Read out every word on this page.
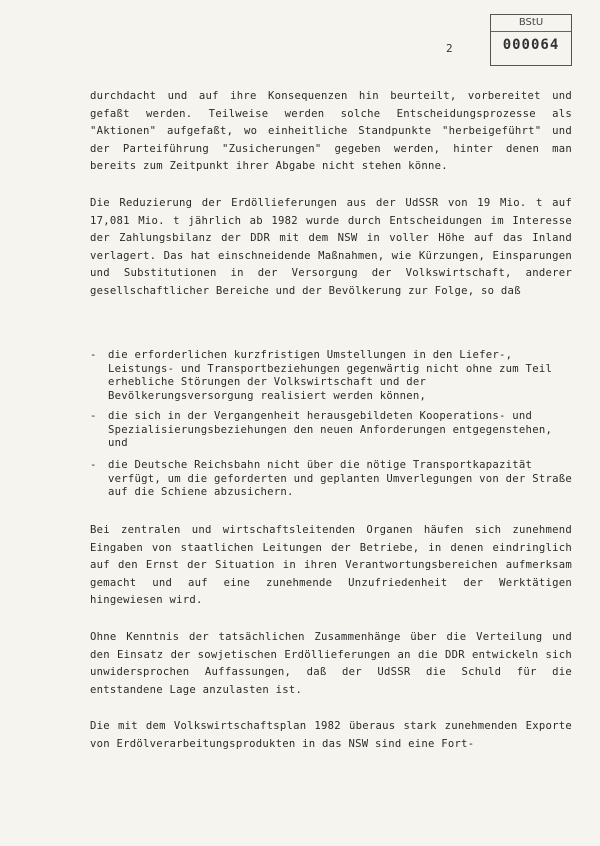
2
BStU
000064
durchdacht und auf ihre Konsequenzen hin beurteilt, vorbereitet und gefaßt werden. Teilweise werden solche Entscheidungsprozesse als "Aktionen" aufgefaßt, wo einheitliche Standpunkte "herbeigeführt" und der Parteiführung "Zusicherungen" gegeben werden, hinter denen man bereits zum Zeitpunkt ihrer Abgabe nicht stehen könne.
Die Reduzierung der Erdöllieferungen aus der UdSSR von 19 Mio. t auf 17,081 Mio. t jährlich ab 1982 wurde durch Entscheidungen im Interesse der Zahlungsbilanz der DDR mit dem NSW in voller Höhe auf das Inland verlagert. Das hat einschneidende Maßnahmen, wie Kürzungen, Einsparungen und Substitutionen in der Versorgung der Volkswirtschaft, anderer gesellschaftlicher Bereiche und der Bevölkerung zur Folge, so daß
- die erforderlichen kurzfristigen Umstellungen in den Liefer-, Leistungs- und Transportbeziehungen gegenwärtig nicht ohne zum Teil erhebliche Störungen der Volkswirtschaft und der Bevölkerungsversorgung realisiert werden können,
- die sich in der Vergangenheit herausgebildeten Kooperations- und Spezialisierungsbeziehungen den neuen Anforderungen entgegenstehen, und
- die Deutsche Reichsbahn nicht über die nötige Transportkapazität verfügt, um die geforderten und geplanten Umverlegungen von der Straße auf die Schiene abzusichern.
Bei zentralen und wirtschaftsleitenden Organen häufen sich zunehmend Eingaben von staatlichen Leitungen der Betriebe, in denen eindringlich auf den Ernst der Situation in ihren Verantwortungsbereichen aufmerksam gemacht und auf eine zunehmende Unzufriedenheit der Werktätigen hingewiesen wird.
Ohne Kenntnis der tatsächlichen Zusammenhänge über die Verteilung und den Einsatz der sowjetischen Erdöllieferungen an die DDR entwickeln sich unwidersprochen Auffassungen, daß der UdSSR die Schuld für die entstandene Lage anzulasten ist.
Die mit dem Volkswirtschaftsplan 1982 überaus stark zunehmenden Exporte von Erdölverarbeitungsprodukten in das NSW sind eine Fort-
